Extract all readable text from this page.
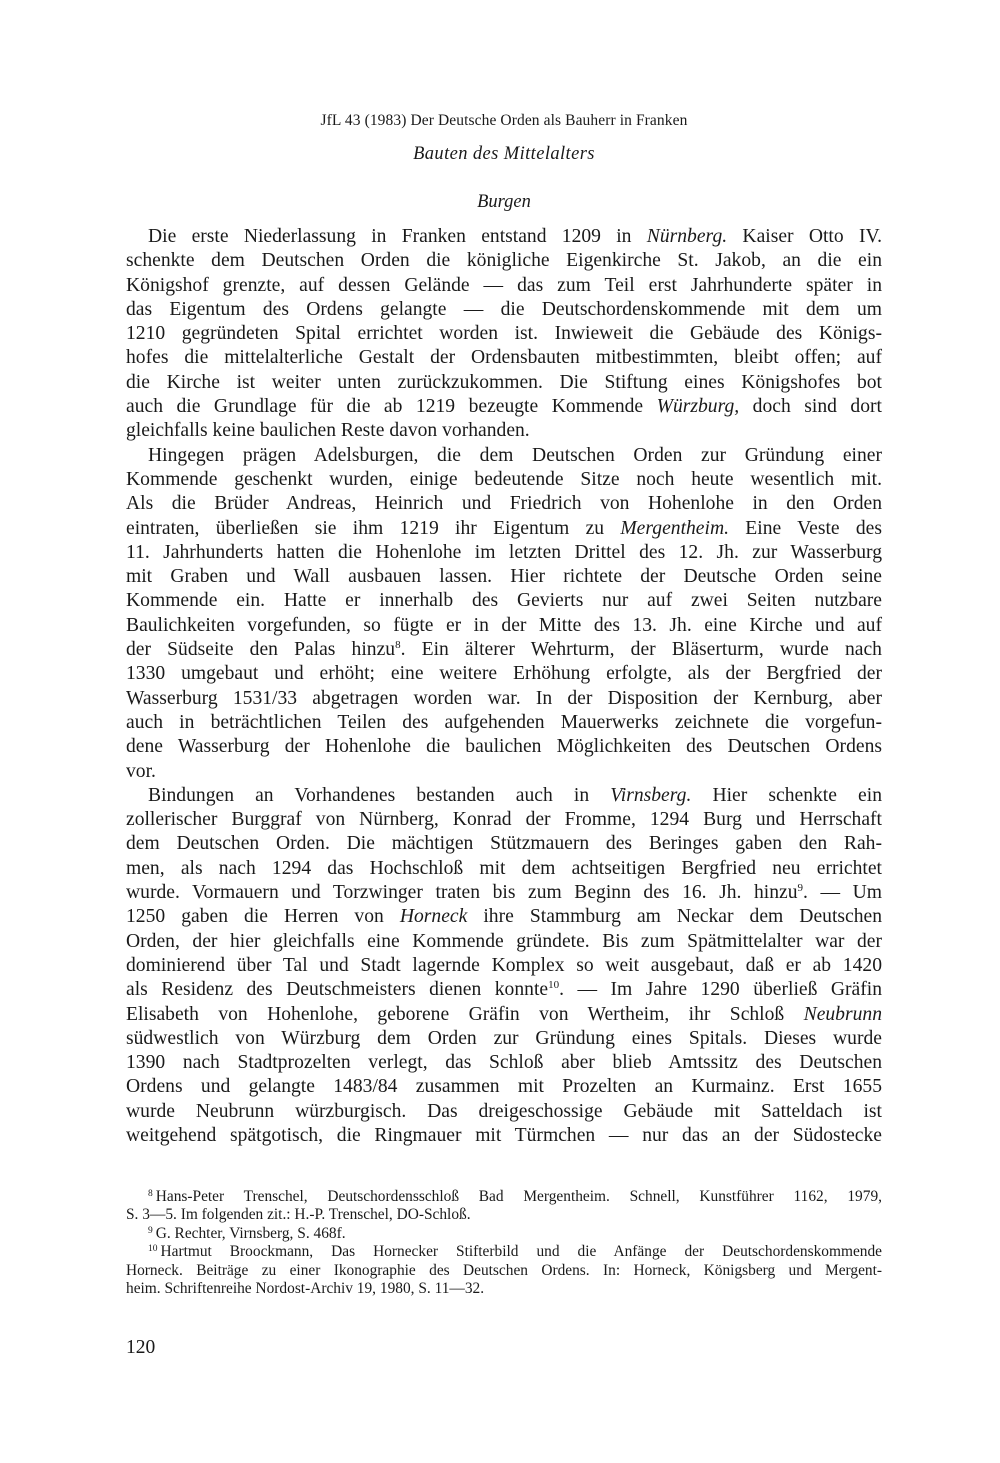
JfL 43 (1983) Der Deutsche Orden als Bauherr in Franken
Bauten des Mittelalters
Burgen
Die erste Niederlassung in Franken entstand 1209 in Nürnberg. Kaiser Otto IV.
schenkte dem Deutschen Orden die königliche Eigenkirche St. Jakob, an die ein
Königshof grenzte, auf dessen Gelände — das zum Teil erst Jahrhunderte später in
das Eigentum des Ordens gelangte — die Deutschordenskommende mit dem um
1210 gegründeten Spital errichtet worden ist. Inwieweit die Gebäude des Königs-
hofes die mittelalterliche Gestalt der Ordensbauten mitbestimmten, bleibt offen; auf
die Kirche ist weiter unten zurückzukommen. Die Stiftung eines Königshofes bot
auch die Grundlage für die ab 1219 bezeugte Kommende Würzburg, doch sind dort
gleichfalls keine baulichen Reste davon vorhanden.
Hingegen prägen Adelsburgen, die dem Deutschen Orden zur Gründung einer
Kommende geschenkt wurden, einige bedeutende Sitze noch heute wesentlich mit.
Als die Brüder Andreas, Heinrich und Friedrich von Hohenlohe in den Orden
eintraten, überließen sie ihm 1219 ihr Eigentum zu Mergentheim. Eine Veste des
11. Jahrhunderts hatten die Hohenlohe im letzten Drittel des 12. Jh. zur Wasserburg
mit Graben und Wall ausbauen lassen. Hier richtete der Deutsche Orden seine
Kommende ein. Hatte er innerhalb des Gevierts nur auf zwei Seiten nutzbare
Baulichkeiten vorgefunden, so fügte er in der Mitte des 13. Jh. eine Kirche und auf
der Südseite den Palas hinzu$^8$. Ein älterer Wehrturm, der Bläserturm, wurde nach
1330 umgebaut und erhöht; eine weitere Erhöhung erfolgte, als der Bergfried der
Wasserburg 1531/33 abgetragen worden war. In der Disposition der Kernburg, aber
auch in beträchtlichen Teilen des aufgehenden Mauerwerks zeichnete die vorgefun-
dene Wasserburg der Hohenlohe die baulichen Möglichkeiten des Deutschen Ordens
vor.
Bindungen an Vorhandenes bestanden auch in Virnsberg. Hier schenkte ein
zollerischer Burggraf von Nürnberg, Konrad der Fromme, 1294 Burg und Herrschaft
dem Deutschen Orden. Die mächtigen Stützmauern des Beringes gaben den Rah-
men, als nach 1294 das Hochschloß mit dem achtseitigen Bergfried neu errichtet
wurde. Vormauern und Torzwinger traten bis zum Beginn des 16. Jh. hinzu$^9$. — Um
1250 gaben die Herren von Horneck ihre Stammburg am Neckar dem Deutschen
Orden, der hier gleichfalls eine Kommende gründete. Bis zum Spätmittelalter war der
dominierend über Tal und Stadt lagernde Komplex so weit ausgebaut, daß er ab 1420
als Residenz des Deutschmeisters dienen konnte$^{10}$. — Im Jahre 1290 überließ Gräfin
Elisabeth von Hohenlohe, geborene Gräfin von Wertheim, ihr Schloß Neubrunn
südwestlich von Würzburg dem Orden zur Gründung eines Spitals. Dieses wurde
1390 nach Stadtprozelten verlegt, das Schloß aber blieb Amtssitz des Deutschen
Ordens und gelangte 1483/84 zusammen mit Prozelten an Kurmainz. Erst 1655
wurde Neubrunn würzburgisch. Das dreigeschossige Gebäude mit Satteldach ist
weitgehend spätgotisch, die Ringmauer mit Türmchen — nur das an der Südostecke
$^8$ Hans-Peter Trenschel, Deutschordensschloß Bad Mergentheim. Schnell, Kunstführer 1162, 1979,
S. 3—5. Im folgenden zit.: H.-P. Trenschel, DO-Schloß.
$^9$ G. Rechter, Virnsberg, S. 468f.
$^{10}$ Hartmut Broockmann, Das Hornecker Stifterbild und die Anfänge der Deutschordenskommende
Horneck. Beiträge zu einer Ikonographie des Deutschen Ordens. In: Horneck, Königsberg und Mergent-
heim. Schriftenreihe Nordost-Archiv 19, 1980, S. 11—32.
120
